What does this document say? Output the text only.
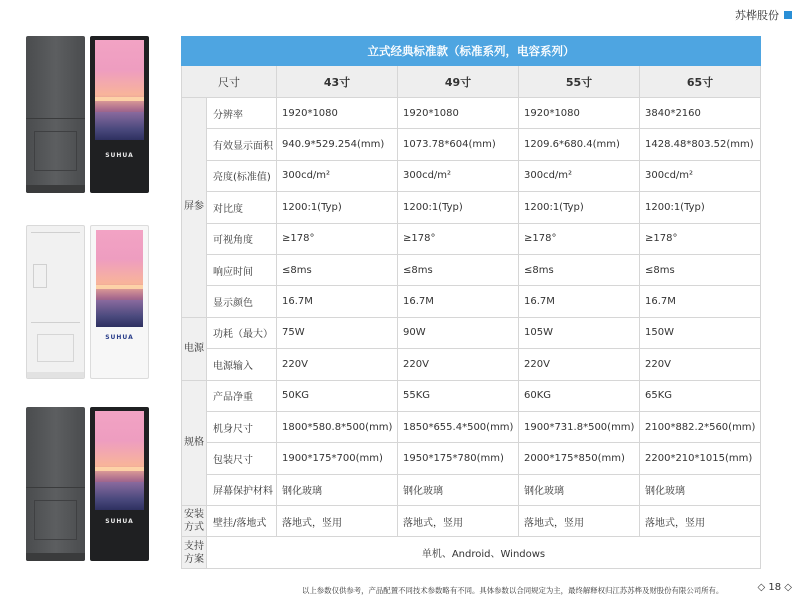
苏桦股份
SUHUA
SUHUA
SUHUA
立式经典标准款（标准系列，电容系列）					
尺寸		43寸	49寸	55寸	65寸
屏参	分辨率	1920*1080	1920*1080	1920*1080	3840*2160
	有效显示面积	940.9*529.254(mm)	1073.78*604(mm)	1209.6*680.4(mm)	1428.48*803.52(mm)
	亮度(标准值)	300cd/m²	300cd/m²	300cd/m²	300cd/m²
	对比度	1200:1(Typ)	1200:1(Typ)	1200:1(Typ)	1200:1(Typ)
	可视角度	≥178°	≥178°	≥178°	≥178°
	响应时间	≤8ms	≤8ms	≤8ms	≤8ms
	显示颜色	16.7M	16.7M	16.7M	16.7M
电源	功耗（最大）	75W	90W	105W	150W
	电源输入	220V	220V	220V	220V
规格	产品净重	50KG	55KG	60KG	65KG
	机身尺寸	1800*580.8*500(mm)	1850*655.4*500(mm)	1900*731.8*500(mm)	2100*882.2*560(mm)
	包装尺寸	1900*175*700(mm)	1950*175*780(mm)	2000*175*850(mm)	2200*210*1015(mm)
	屏幕保护材料	钢化玻璃	钢化玻璃	钢化玻璃	钢化玻璃
安装方式	壁挂/落地式	落地式，竖用	落地式，竖用	落地式，竖用	落地式，竖用
支持方案	单机、Android、Windows				
以上参数仅供参考，产品配置不同技术参数略有不同。具体参数以合同规定为主，最终解释权归江苏苏桦及财股份有限公司所有。	◇ 18 ◇
